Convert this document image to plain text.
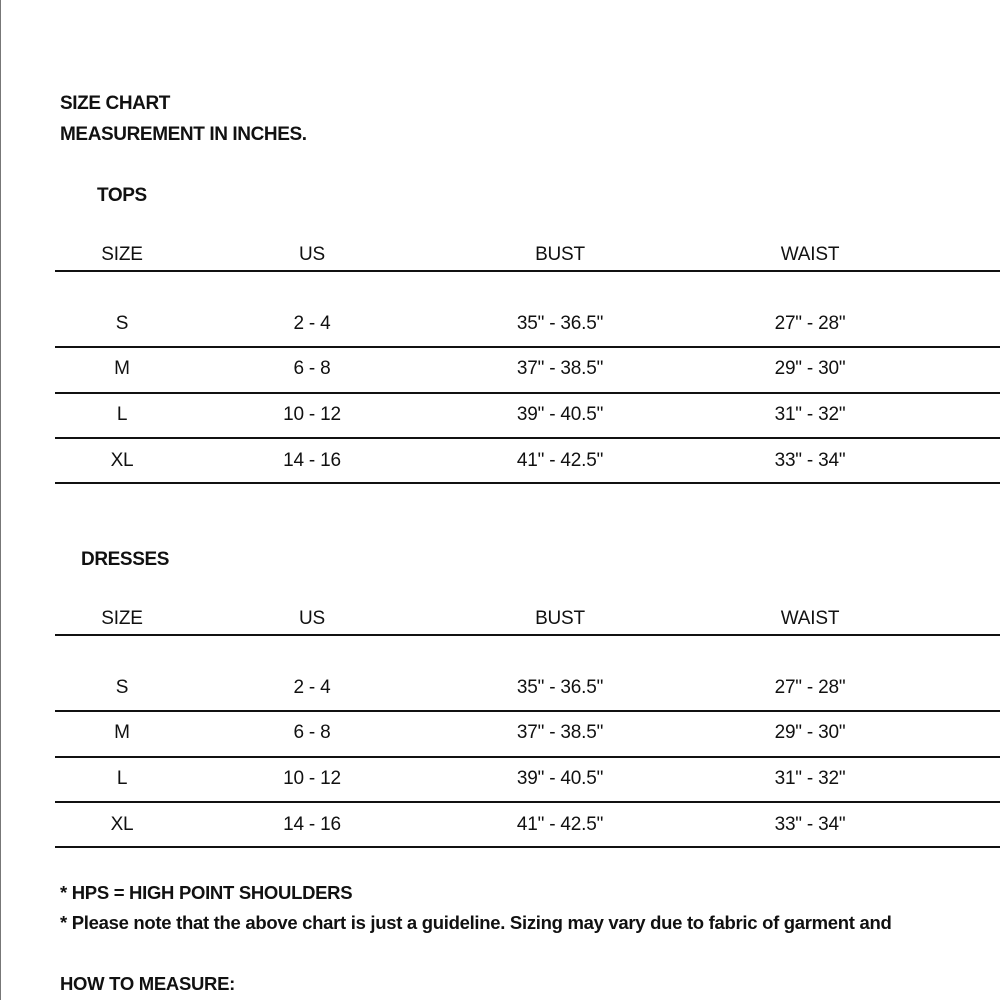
SIZE CHART
MEASUREMENT IN INCHES.
TOPS
SIZE	US	BUST	WAIST
S	2 - 4	35" - 36.5"	27" - 28"
M	6 - 8	37" - 38.5"	29" - 30"
L	10 - 12	39" - 40.5"	31" - 32"
XL	14 - 16	41" - 42.5"	33" - 34"
DRESSES
SIZE	US	BUST	WAIST
S	2 - 4	35" - 36.5"	27" - 28"
M	6 - 8	37" - 38.5"	29" - 30"
L	10 - 12	39" - 40.5"	31" - 32"
XL	14 - 16	41" - 42.5"	33" - 34"
* HPS = HIGH POINT SHOULDERS
* Please note that the above chart is just a guideline. Sizing may vary due to fabric of garment and
HOW TO MEASURE:
